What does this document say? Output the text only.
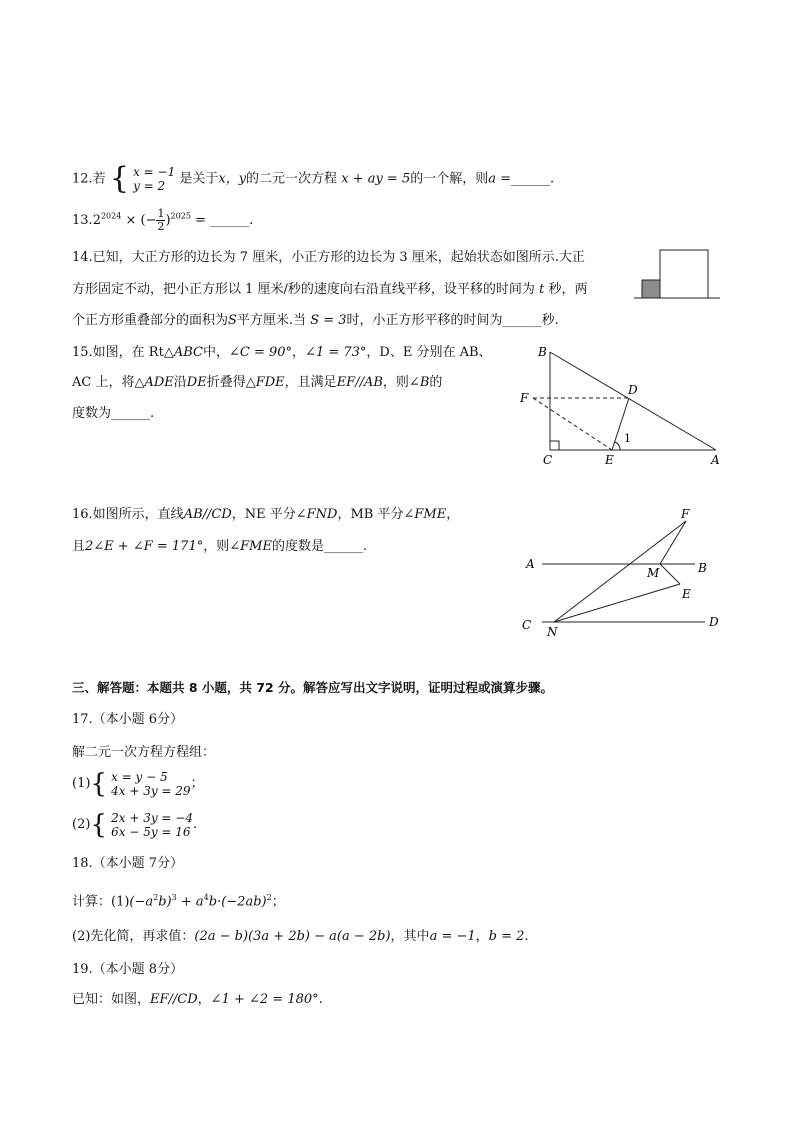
12.若 { x = −1
y = 2 是关于x，y的二元一次方程 x + ay = 5的一个解，则a =______.
$13.2^{2024}$ × (− $\frac{1}{2} )^{2025}$ = ______.
14.已知，大正方形的边长为 7 厘米，小正方形的边长为 3 厘米，起始状态如图所示.大正
方形固定不动，把小正方形以 1 厘米/秒的速度向右沿直线平移，设平移的时间为 t 秒，两
个正方形重叠部分的面积为S平方厘米.当 S = 3时，小正方形平移的时间为______秒.
15.如图，在 Rt△ABC中，∠C = 90°，∠1 = 73°，D、E 分别在 AB、
AC 上，将△ADE沿DE折叠得△FDE，且满足EF//AB，则∠B的
度数为______.
B
D
F
1
C	E	A
16.如图所示，直线AB//CD，NE 平分∠FND，MB 平分∠FME，
且2∠E + ∠F = 171°，则∠FME的度数是______.
F
A
M	B
E
C N
D
三、解答题：本题共 8 小题，共 72 分。解答应写出文字说明，证明过程或演算步骤。
17.（本小题 6分）
解二元一次方程方程组：
(1){ x = y − 5
4x + 3y = 29；
(2){ 2x + 3y = −4
6x − 5y = 16 .
18.（本小题 7分）
计算：$(1)(-a^2b)^3 + a^4b\cdot(-2ab)^2$；
(2)先化简，再求值：(2a − b)(3a + 2b) − a(a − 2b)，其中a = −1，b = 2.
19.（本小题 8分）
已知：如图，EF//CD，∠1 + ∠2 = 180°.
